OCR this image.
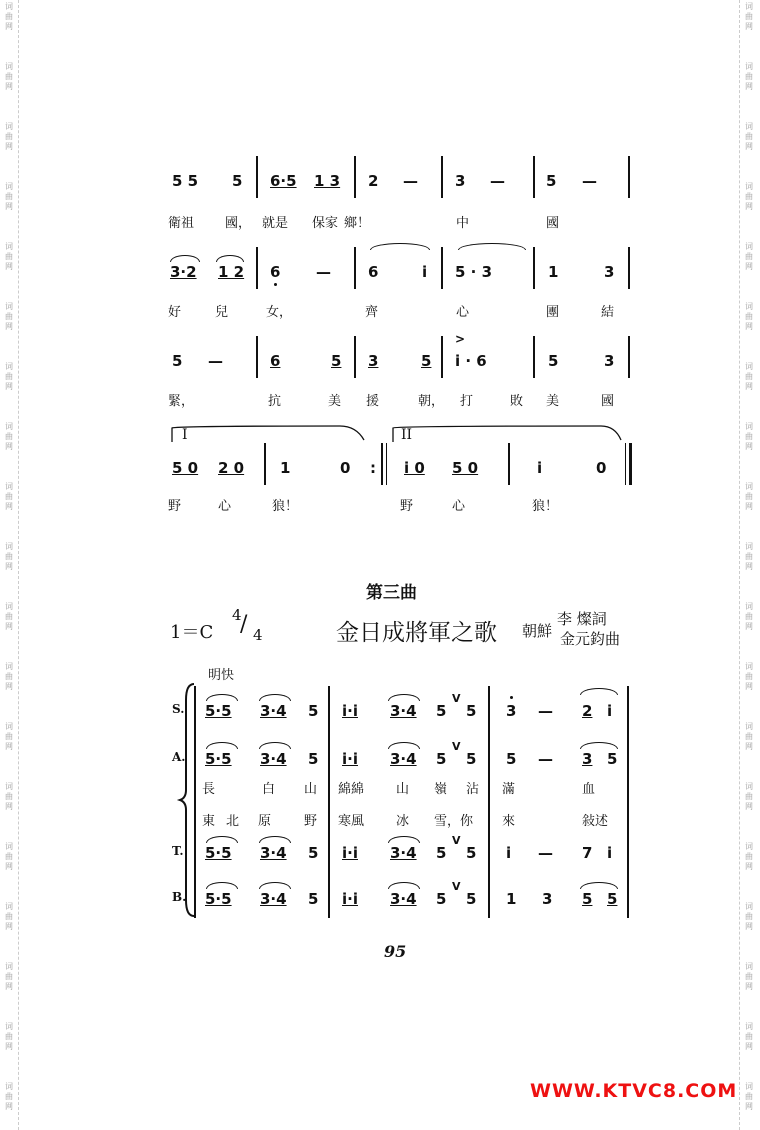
词
曲
网
词
曲
网
词
曲
网
词
曲
网
词
曲
网
词
曲
网
词
曲
网
词
曲
网
词
曲
网
词
曲
网
词
曲
网
词
曲
网
词
曲
网
词
曲
网
词
曲
网
词
曲
网
词
曲
网
词
曲
网
词
曲
网
词
曲
网
词
曲
网
词
曲
网
词
曲
网
词
曲
网
词
曲
网
词
曲
网
词
曲
网
词
曲
网
词
曲
网
词
曲
网
词
曲
网
词
曲
网
词
曲
网
词
曲
网
词
曲
网
词
曲
网
词
曲
网
词
曲
网
5 5 5 6·5 1 3 2 — 3 —	5 —
衛祖 國， 就是 保家 鄉！	中	國
3·2 1 2 6 — 6	i 5 · 3	1	3
好	兒	女，	齊	心	團	結
5 —	6	5 3	5
>
i · 6	5	3
緊，	抗	美 援	朝， 打	敗 美	國
I	II
5 0 2 0 1	0 : i 0 5 0	i	0
野	心	狼！	野	心	狼！
第三曲
1＝C
4
/ 4	金日成將軍之歌 朝鮮
李 燦詞
金元鈞曲
明快
S. 5·5 3·4 5 i·i 3·4 5
V
5 3 — 2 i
A. 5·5 3·4 5 i·i 3·4 5
V
5 5 — 3 5
長	白 山 綿綿 山 嶺 沾 滿	血
東 北 原	野 寒風 冰 雪，你 來	敍述
T. 5·5 3·4 5 i·i 3·4 5
V
5 i — 7 i
B. 5·5 3·4 5 i·i 3·4 5
V
5 1 3 5 5
95
WWW.KTVC8.COM
